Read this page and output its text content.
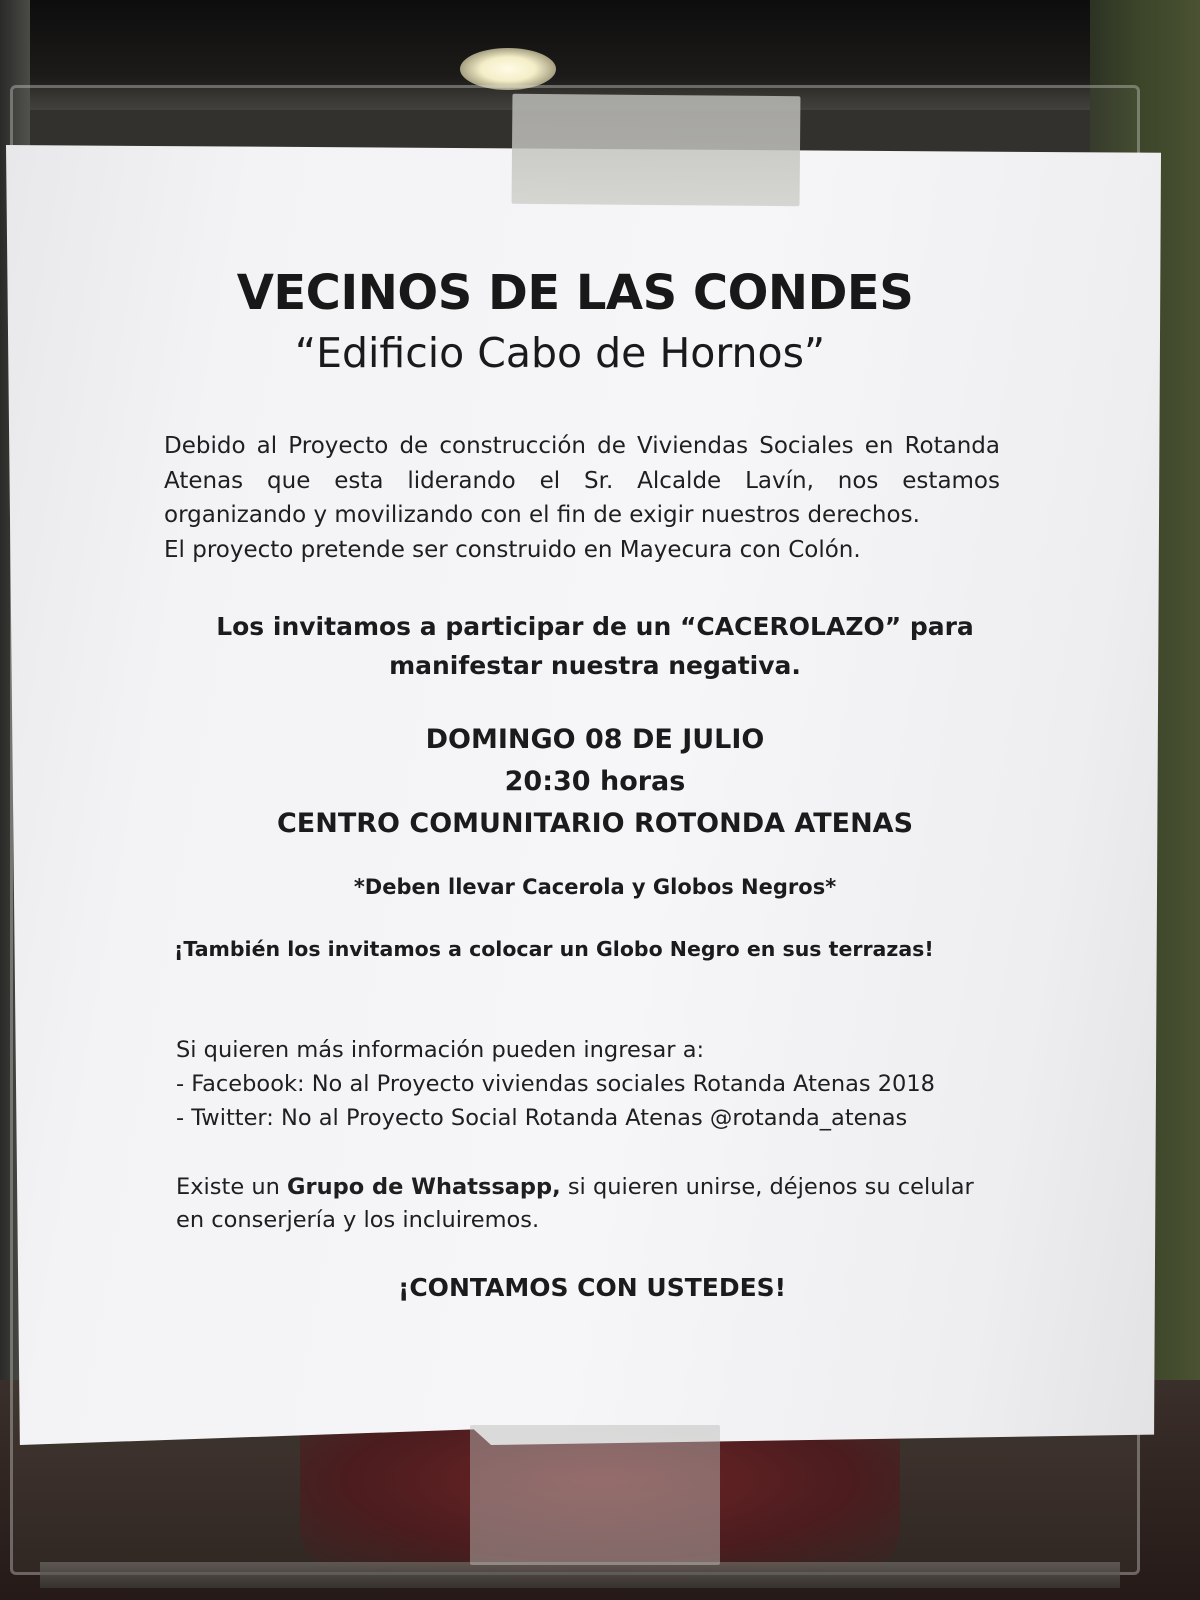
VECINOS DE LAS CONDES
“Edificio Cabo de Hornos”
Debido al Proyecto de construcción de Viviendas Sociales en Rotanda Atenas que esta liderando el Sr. Alcalde Lavín, nos estamos organizando y movilizando con el fin de exigir nuestros derechos.
El proyecto pretende ser construido en Mayecura con Colón.
Los invitamos a participar de un “CACEROLAZO” para
manifestar nuestra negativa.
DOMINGO 08 DE JULIO
20:30 horas
CENTRO COMUNITARIO ROTONDA ATENAS
*Deben llevar Cacerola y Globos Negros*
¡También los invitamos a colocar un Globo Negro en sus terrazas!
Si quieren más información pueden ingresar a:
- Facebook: No al Proyecto viviendas sociales Rotanda Atenas 2018
- Twitter: No al Proyecto Social Rotanda Atenas @rotanda_atenas
Existe un Grupo de Whatssapp, si quieren unirse, déjenos su celular
en conserjería y los incluiremos.
¡CONTAMOS CON USTEDES!
